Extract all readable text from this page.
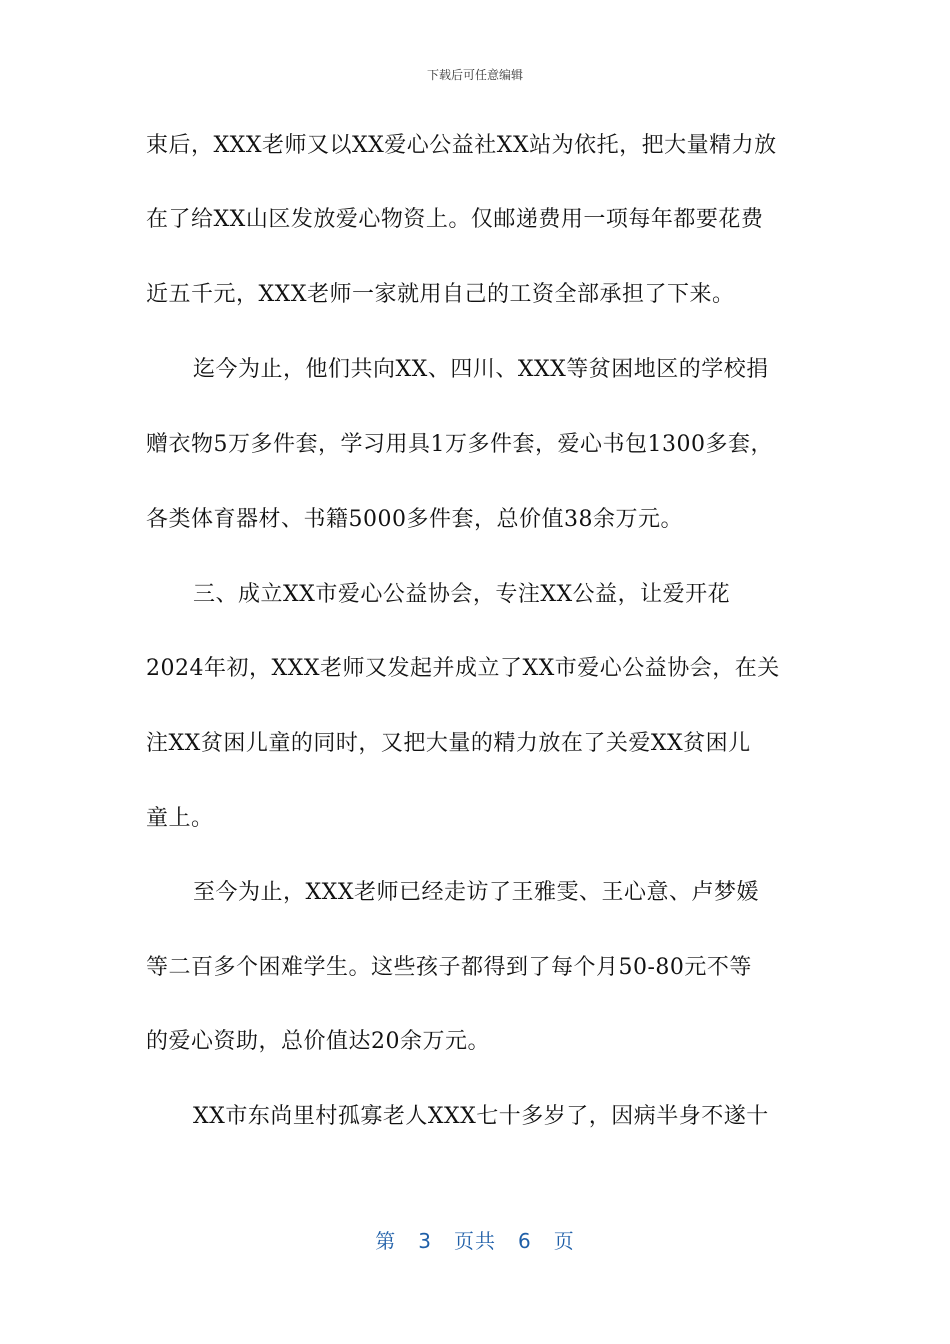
下载后可任意编辑
束后，XXX老师又以XX爱心公益社XX站为依托，把大量精力放
在了给XX山区发放爱心物资上。仅邮递费用一项每年都要花费
近五千元，XXX老师一家就用自己的工资全部承担了下来。
迄今为止，他们共向XX、四川、XXX等贫困地区的学校捐
赠衣物5万多件套，学习用具1万多件套，爱心书包1300多套，
各类体育器材、书籍5000多件套，总价值38余万元。
三、成立XX市爱心公益协会，专注XX公益，让爱开花
2024年初，XXX老师又发起并成立了XX市爱心公益协会，在关
注XX贫困儿童的同时，又把大量的精力放在了关爱XX贫困儿
童上。
至今为止，XXX老师已经走访了王雅雯、王心意、卢梦媛
等二百多个困难学生。这些孩子都得到了每个月50-80元不等
的爱心资助，总价值达20余万元。
XX市东尚里村孤寡老人XXX七十多岁了，因病半身不遂十
第 3 页共 6 页
